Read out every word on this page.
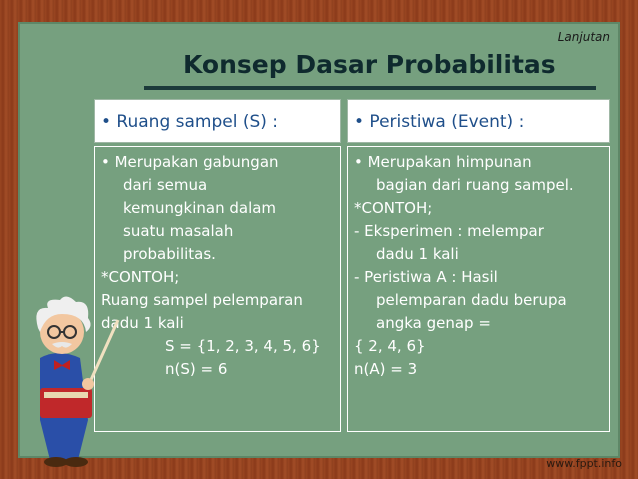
Lanjutan
Konsep Dasar Probabilitas
• Ruang sampel (S) :	• Peristiwa (Event) :
• Merupakan gabungan
dari semua
kemungkinan dalam
suatu masalah
probabilitas.
*CONTOH;
Ruang sampel pelemparan
dadu 1 kali
S = {1, 2, 3, 4, 5, 6}
n(S) = 6
• Merupakan himpunan
bagian dari ruang sampel.
*CONTOH;
- Eksperimen : melempar
dadu 1 kali
- Peristiwa A : Hasil
pelemparan dadu berupa
angka genap =
{ 2, 4, 6}
n(A) = 3
www.fppt.info
